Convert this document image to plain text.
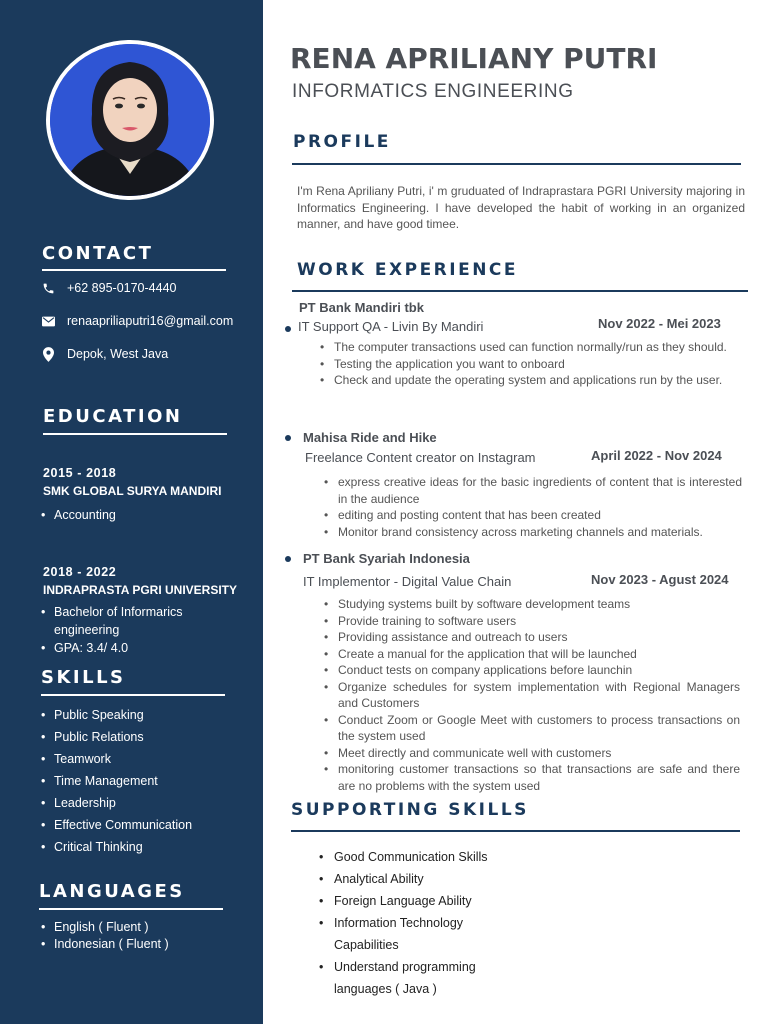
CONTACT
+62 895-0170-4440
renaapriliaputri16@gmail.com
Depok, West Java
EDUCATION
2015 - 2018
SMK GLOBAL SURYA MANDIRI
• Accounting
2018 - 2022
INDRAPRASTA PGRI UNIVERSITY
• Bachelor of Informarics
engineering
• GPA: 3.4/ 4.0
SKILLS
• Public Speaking
• Public Relations
• Teamwork
• Time Management
• Leadership
• Effective Communication
• Critical Thinking
LANGUAGES
• English ( Fluent )
• Indonesian ( Fluent )
RENA APRILIANY PUTRI
INFORMATICS ENGINEERING
PROFILE
I'm Rena Apriliany Putri, i' m gruduated of Indraprastara PGRI University majoring in Informatics Engineering. I have developed the habit of working in an organized manner, and have good timee.
WORK EXPERIENCE
PT Bank Mandiri tbk
IT Support QA - Livin By Mandiri	Nov 2022 - Mei 2023
• The computer transactions used can function normally/run as they should.
• Testing the application you want to onboard
• Check and update the operating system and applications run by the user.
Mahisa Ride and Hike
Freelance Content creator on Instagram	April 2022 - Nov 2024
• express creative ideas for the basic ingredients of content that is interested in the audience
• editing and posting content that has been created
• Monitor brand consistency across marketing channels and materials.
PT Bank Syariah Indonesia
IT Implementor - Digital Value Chain	Nov 2023 - Agust 2024
• Studying systems built by software development teams
• Provide training to software users
• Providing assistance and outreach to users
• Create a manual for the application that will be launched
• Conduct tests on company applications before launchin
• Organize schedules for system implementation with Regional Managers and Customers
• Conduct Zoom or Google Meet with customers to process transactions on the system used
• Meet directly and communicate well with customers
• monitoring customer transactions so that transactions are safe and there are no problems with the system used
SUPPORTING SKILLS
• Good Communication Skills
• Analytical Ability
• Foreign Language Ability
• Information Technology Capabilities
• Understand programming languages ( Java )
